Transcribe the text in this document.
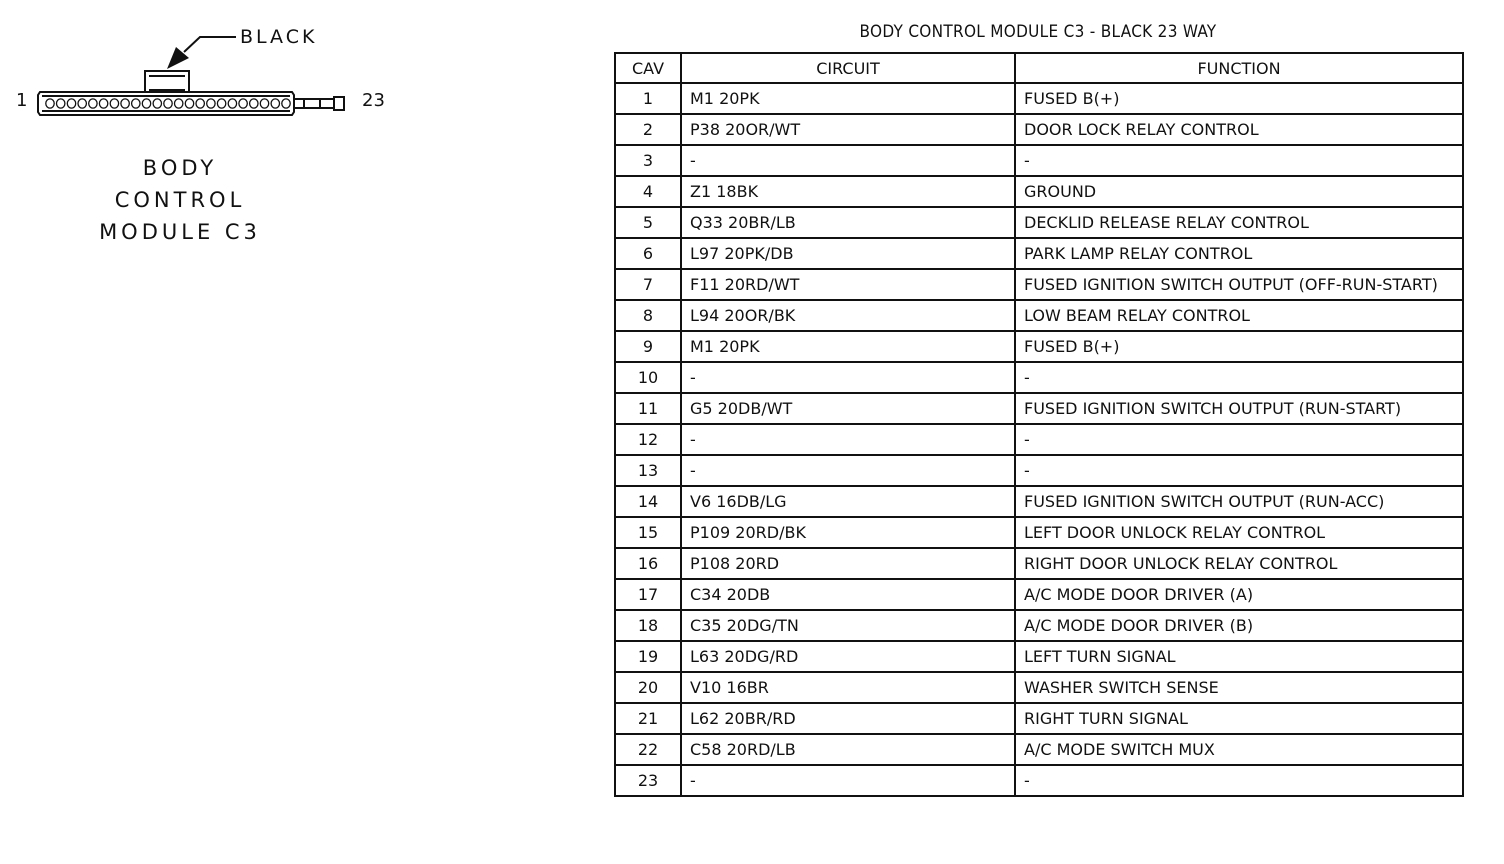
BLACK
1	23
BODY
CONTROL
MODULE C3
BODY CONTROL MODULE C3 - BLACK 23 WAY
CAV	CIRCUIT	FUNCTION
1	M1 20PK	FUSED B(+)
2	P38 20OR/WT	DOOR LOCK RELAY CONTROL
3	-	-
4	Z1 18BK	GROUND
5	Q33 20BR/LB	DECKLID RELEASE RELAY CONTROL
6	L97 20PK/DB	PARK LAMP RELAY CONTROL
7	F11 20RD/WT	FUSED IGNITION SWITCH OUTPUT (OFF-RUN-START)
8	L94 20OR/BK	LOW BEAM RELAY CONTROL
9	M1 20PK	FUSED B(+)
10	-	-
11	G5 20DB/WT	FUSED IGNITION SWITCH OUTPUT (RUN-START)
12	-	-
13	-	-
14	V6 16DB/LG	FUSED IGNITION SWITCH OUTPUT (RUN-ACC)
15	P109 20RD/BK	LEFT DOOR UNLOCK RELAY CONTROL
16	P108 20RD	RIGHT DOOR UNLOCK RELAY CONTROL
17	C34 20DB	A/C MODE DOOR DRIVER (A)
18	C35 20DG/TN	A/C MODE DOOR DRIVER (B)
19	L63 20DG/RD	LEFT TURN SIGNAL
20	V10 16BR	WASHER SWITCH SENSE
21	L62 20BR/RD	RIGHT TURN SIGNAL
22	C58 20RD/LB	A/C MODE SWITCH MUX
23	-	-
